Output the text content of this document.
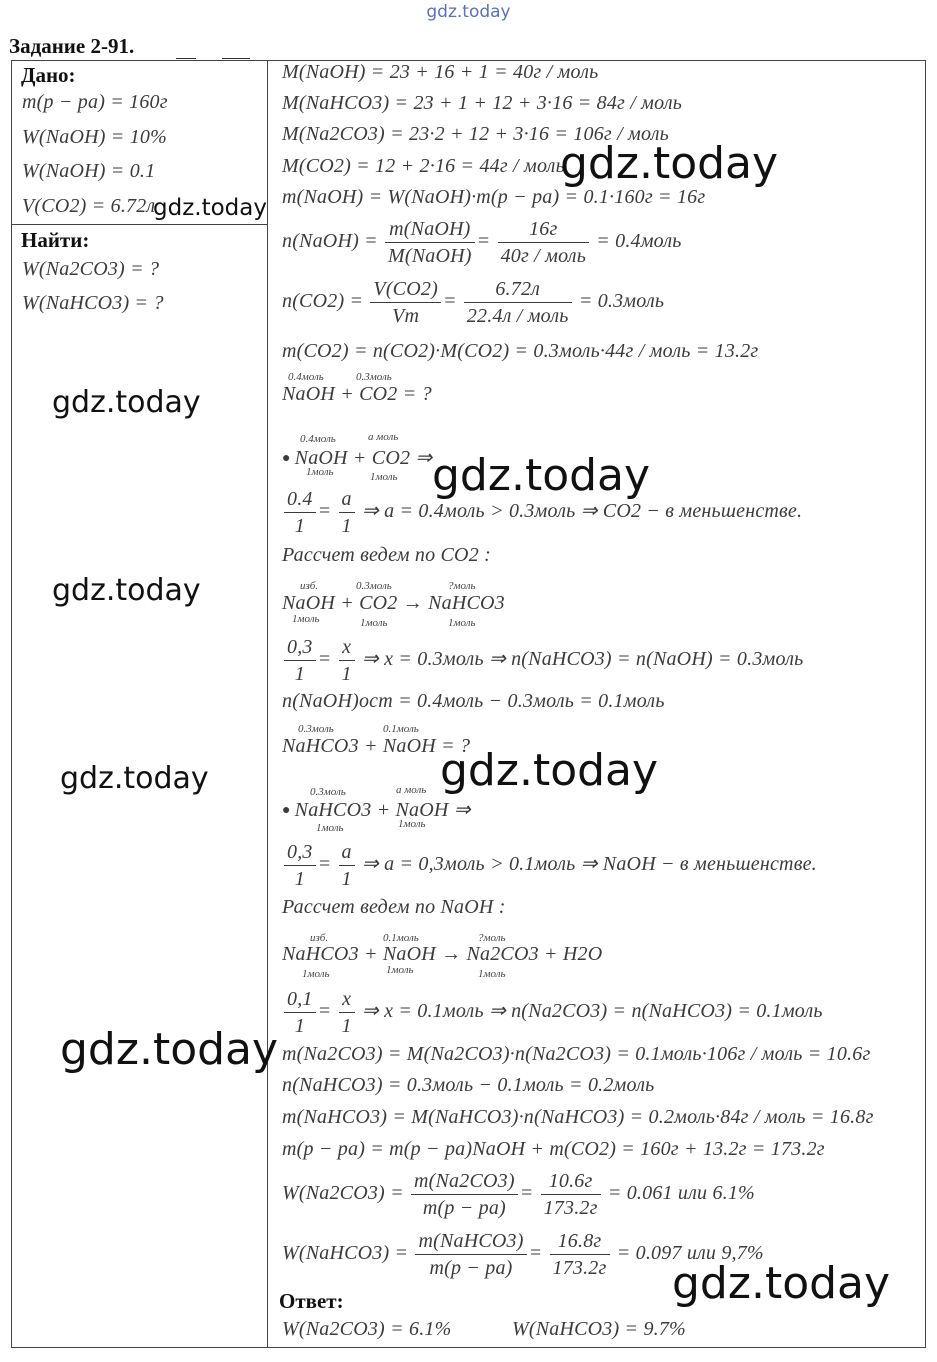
gdz.today
Задание 2-91.
Дано:
m(p − pa) = 160г
W(NaOH) = 10%
W(NaOH) = 0.1
V(CO2) = 6.72л
Найти:
W(Na2CO3) = ?
W(NaHCO3) = ?
M(NaOH) = 23 + 16 + 1 = 40г / моль
M(NaHCO3) = 23 + 1 + 12 + 3·16 = 84г / моль
M(Na2CO3) = 23·2 + 12 + 3·16 = 106г / моль
M(CO2) = 12 + 2·16 = 44г / моль
m(NaOH) = W(NaOH)·m(p − pa) = 0.1·160г = 16г
n(NaOH) = $\frac{\text{m(NaOH)}}{\text{M(NaOH)}} = \frac{16г}{\text{40г / моль}}$ = 0.4моль
$n(CO2) = \frac{V(CO2)}{Vm} = \frac{6.72л}{\text{22.4л / моль}}$ = 0.3моль
m(CO2) = n(CO2)·M(CO2) = 0.3моль·44г / моль = 13.2г
0.4моль	0.3моль
NaOH + CO2 = ?
0.4моль	a моль
● NaOH + CO2 ⇒
1моль	1моль
$\frac{0.4}{1} = \frac{a}{1}$ ⇒ a = 0.4моль > 0.3моль ⇒ CO2 − в меньшенстве.
Рассчет ведем по CO2 :
изб.	0.3моль	?моль
NaOH + CO2 → NaHCO3
1моль	1моль	1моль
$\frac{0,3}{1} = \frac{x}{1}$ ⇒ x = 0.3моль ⇒ n(NaHCO3) = n(NaOH) = 0.3моль
n(NaOH)ост = 0.4моль − 0.3моль = 0.1моль
0.3моль	0.1моль
NaHCO3 + NaOH = ?
0.3моль	a моль
● NaHCO3 + NaOH ⇒
1моль	1моль
$\frac{0,3}{1} = \frac{a}{1}$ ⇒ a = 0,3моль > 0.1моль ⇒ NaOH − в меньшенстве.
Рассчет ведем по NaOH :
изб.	0.1моль	?моль
NaHCO3 + NaOH → Na2CO3 + H2O
1моль	1моль	1моль
$\frac{0,1}{1} = \frac{x}{1}$ ⇒ x = 0.1моль ⇒ n(Na2CO3) = n(NaHCO3) = 0.1моль
m(Na2CO3) = M(Na2CO3)·n(Na2CO3) = 0.1моль·106г / моль = 10.6г
n(NaHCO3) = 0.3моль − 0.1моль = 0.2моль
m(NaHCO3) = M(NaHCO3)·n(NaHCO3) = 0.2моль·84г / моль = 16.8г
m(p − pa) = m(p − pa)NaOH + m(CO2) = 160г + 13.2г = 173.2г
$W(Na2CO3) = \frac{m(Na2CO3)}{m(p - pa)} = \frac{10.6г}{173.2г} = 0.061$ или 6.1%
W(NaHCO3) = $\frac{\text{m(NaHCO3)}}{m(p - pa)} = \frac{16.8г}{173.2г} = 0.097$ или 9,7%
Ответ:
W(Na2CO3) = 6.1%	W(NaHCO3) = 9.7%
gdz.today
gdz.today
gdz.today
gdz.today
gdz.today
gdz.today
gdz.today
gdz.today
gdz.today
